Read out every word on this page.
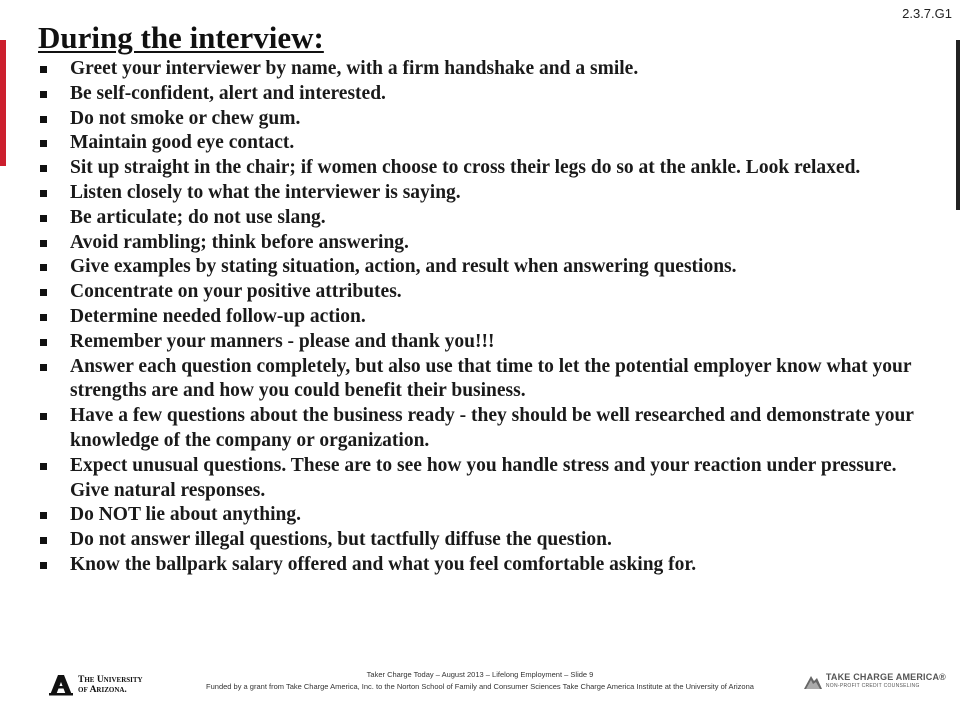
2.3.7.G1
During the interview:
Greet your interviewer by name, with a firm handshake and a smile.
Be self-confident, alert and interested.
Do not smoke or chew gum.
Maintain good eye contact.
Sit up straight in the chair; if women choose to cross their legs do so at the ankle. Look relaxed.
Listen closely to what the interviewer is saying.
Be articulate; do not use slang.
Avoid rambling; think before answering.
Give examples by stating situation, action, and result when answering questions.
Concentrate on your positive attributes.
Determine needed follow-up action.
Remember your manners - please and thank you!!!
Answer each question completely, but also use that time to let the potential employer know what your strengths are and how you could benefit their business.
Have a few questions about the business ready - they should be well researched and demonstrate your knowledge of the company or organization.
Expect unusual questions. These are to see how you handle stress and your reaction under pressure. Give natural responses.
Do NOT lie about anything.
Do not answer illegal questions, but tactfully diffuse the question.
Know the ballpark salary offered and what you feel comfortable asking for.
The University
of Arizona.
Taker Charge Today – August 2013 – Lifelong Employment – Slide 9
Funded by a grant from Take Charge America, Inc. to the Norton School of Family and Consumer Sciences Take Charge America Institute at the University of Arizona
TAKE CHARGE AMERICA®
NON-PROFIT CREDIT COUNSELING
